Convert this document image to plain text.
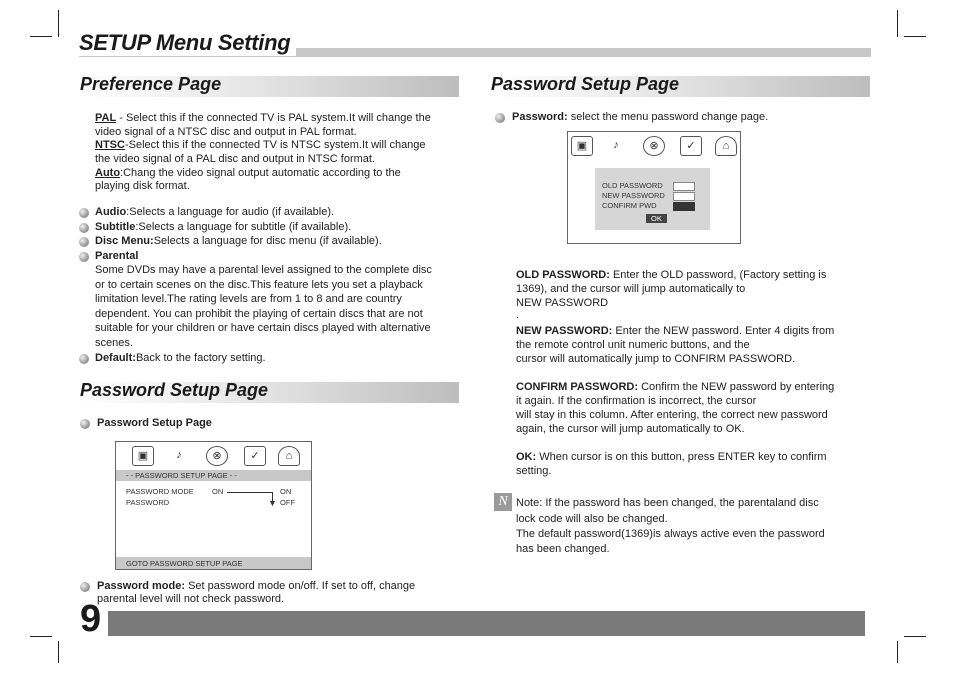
SETUP Menu Setting
Preference Page
PAL - Select this if the connected TV is PAL system.It will change the
video signal of a NTSC disc and output in PAL format.
NTSC-Select this if the connected TV is NTSC system.It will change
the video signal of a PAL disc and output in NTSC format.
Auto:Chang the video signal output automatic according to the
playing disk format.
Audio:Selects a language for audio (if available).
Subtitle:Selects a language for subtitle (if available).
Disc Menu:Selects a language for disc menu (if available).
Parental
Some DVDs may have a parental level assigned to the complete disc
or to certain scenes on the disc.This feature lets you set a playback
limitation level.The rating levels are from 1 to 8 and are country
dependent. You can prohibit the playing of certain discs that are not
suitable for your children or have certain discs played with alternative
scenes.
Default:Back to the factory setting.
Password Setup Page
Password Setup Page
▣	♪	⊗	✓	⌂
- - PASSWORD SETUP PAGE - -
PASSWORD MODE ON
▼
ON
OFF
PASSWORD
GOTO PASSWORD SETUP PAGE
Password mode: Set password mode on/off. If set to off, change
parental level will not check password.
Password Setup Page
Password: select the menu password change page.
▣	♪	⊗	✓	⌂
OLD PASSWORD
NEW PASSWORD
CONFIRM PWD
OK
OLD PASSWORD: Enter the OLD password, (Factory setting is
1369), and the cursor will jump automatically to
NEW PASSWORD
.
NEW PASSWORD: Enter the NEW password. Enter 4 digits from
the remote control unit numeric buttons, and the
cursor will automatically jump to CONFIRM PASSWORD.
CONFIRM PASSWORD: Confirm the NEW password by entering
it again. If the confirmation is incorrect, the cursor
will stay in this column. After entering, the correct new password
again, the cursor will jump automatically to OK.
OK: When cursor is on this button, press ENTER key to confirm
setting.
N Note: If the password has been changed, the parentaland disc
lock code will also be changed.
The default password(1369)is always active even the password
has been changed.
9
